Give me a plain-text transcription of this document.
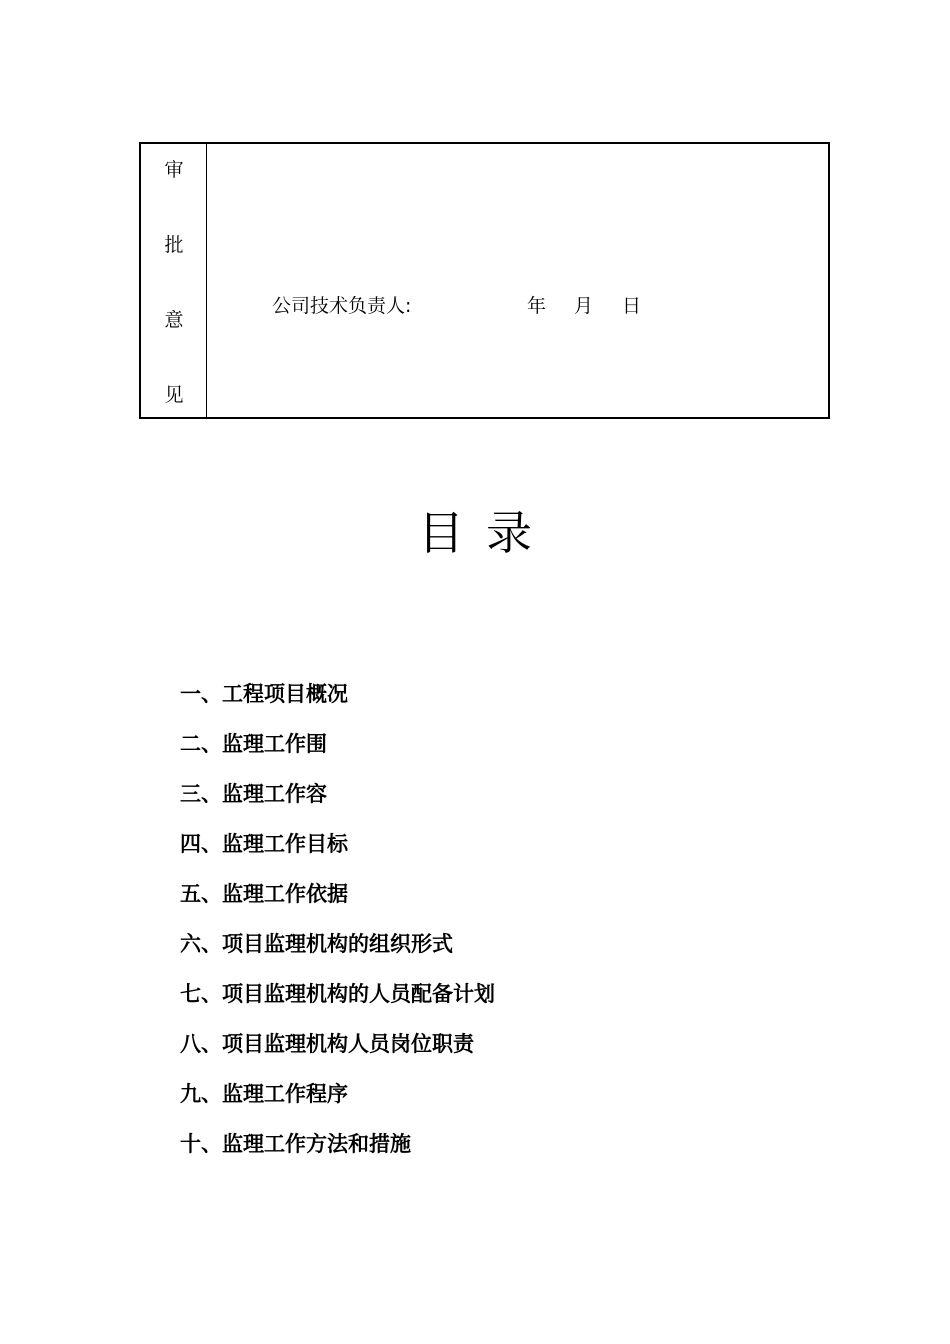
审
批
意
见
公司技术负责人:	年 月 日
目录
一、工程项目概况
二、监理工作围
三、监理工作容
四、监理工作目标
五、监理工作依据
六、项目监理机构的组织形式
七、项目监理机构的人员配备计划
八、项目监理机构人员岗位职责
九、监理工作程序
十、监理工作方法和措施
